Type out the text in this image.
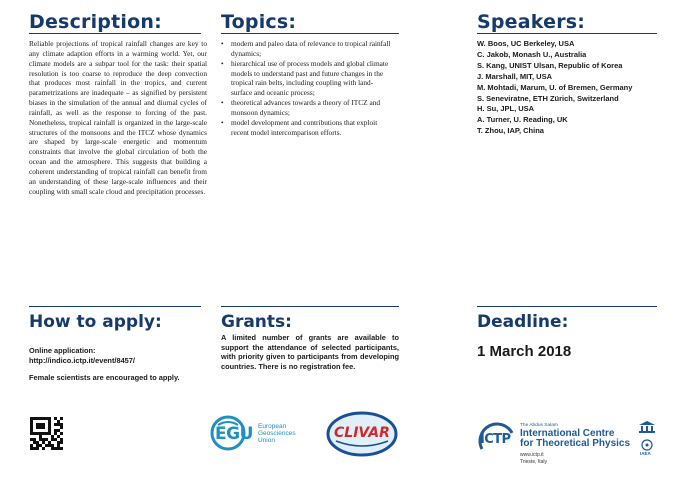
Description:
Reliable projections of tropical rainfall changes are key to any climate adaption efforts in a warming world. Yet, our climate models are a subpar tool for the task: their spatial resolution is too coarse to reproduce the deep convection that produces most rainfall in the tropics, and current parametrizations are inadequate – as signified by persistent biases in the simulation of the annual and diurnal cycles of rainfall, as well as the response to forcing of the past. Nonetheless, tropical rainfall is organized in the large-scale structures of the monsoons and the ITCZ whose dynamics are shaped by large-scale energetic and momentum constraints that involve the global circulation of both the ocean and the atmosphere. This suggests that building a coherent understanding of tropical rainfall can benefit from an understanding of these large-scale influences and their coupling with small scale cloud and precipitation processes.
Topics:
• modern and paleo data of relevance to tropical rainfall dynamics;
• hierarchical use of process models and global climate models to understand past and future changes in the tropical rain belts, including coupling with land-surface and oceanic process;
• theoretical advances towards a theory of ITCZ and monsoon dynamics;
• model development and contributions that exploit recent model intercomparison efforts.
Speakers:
W. Boos, UC Berkeley, USA
C. Jakob, Monash U., Australia
S. Kang, UNIST Ulsan, Republic of Korea
J. Marshall, MIT, USA
M. Mohtadi, Marum, U. of Bremen, Germany
S. Seneviratne, ETH Zürich, Switzerland
H. Su, JPL, USA
A. Turner, U. Reading, UK
T. Zhou, IAP, China
How to apply:
Online application:
http://indico.ictp.it/event/8457/
Female scientists are encouraged to apply.
Grants:
A limited number of grants are available to support the attendance of selected participants, with priority given to participants from developing countries. There is no registration fee.
Deadline:
1 March 2018
EGU European
Geosciences
Union	CLIVAR	ICTP
The Abdus Salam
International Centre
for Theoretical Physics
www.ictp.it
Trieste, Italy
IAEA
